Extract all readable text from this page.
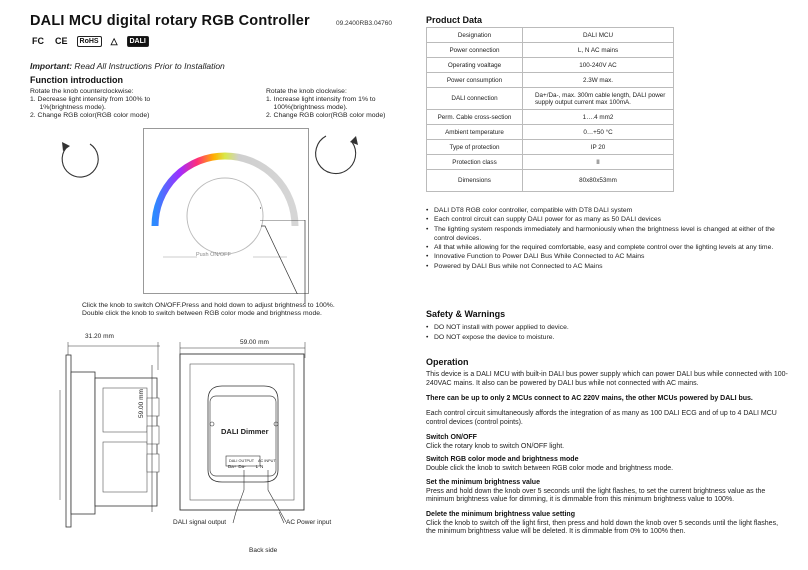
DALI MCU digital rotary RGB Controller	09.2400RB3.04760
FC CE	RoHS	△	DALI
Important: Read All Instructions Prior to Installation
Function introduction
Rotate the knob counterclockwise:
1. Decrease light intensity from 100% to
1%(brightness mode).
2. Change RGB color(RGB color mode)
Rotate the knob clockwise:
1. Increase light intensity from 1% to
100%(brightness mode).
2. Change RGB color(RGB color mode)
Push ON/OFF
Click the knob to switch ON/OFF.Press and hold down to adjust brightness to 100%.
Double click the knob to switch between RGB color mode and brightness mode.
31.20 mm
59.00 mm
59.00 mm
DALI Dimmer
DALI OUTPUT AC INPUT
Da+ Da- L N
DALI signal output	AC Power input
Back side
Product Data
Designation	DALI MCU
Power connection	L, N AC mains
Operating voaltage	100-240V AC
Power consumption	2.3W max.
DALI connection	Da+/Da-, max. 300m cable length, DALI power supply output current max 100mA.
Perm. Cable cross-section	1….4 mm2
Ambient temperature	0…+50 °C
Type of protection	IP 20
Protection class	II
Dimensions	80x80x53mm
• DALI DT8 RGB color controller, compatible with DT8 DALI system
• Each control circuit can supply DALI power for as many as 50 DALI devices
• The lighting system responds immediately and harmoniously when the brightness level is changed at either of the control devices.
• All that while allowing for the required comfortable, easy and complete control over the lighting levels at any time.
• Innovative Function to Power DALI Bus While Connected to AC Mains
• Powered by DALI Bus while not Connected to AC Mains
Safety & Warnings
• DO NOT install with power applied to device.
• DO NOT expose the device to moisture.
Operation
This device is a DALI MCU with built-in DALI bus power supply which can power DALI bus while connected with 100-240VAC mains. It also can be powered by DALI bus while not connected with AC mains.
There can be up to only 2 MCUs connect to AC 220V mains, the other MCUs powered by DALI bus.
Each control circuit simultaneously affords the integration of as many as 100 DALI ECG and of up to 4 DALI MCU control devices (control points).
Switch ON/OFF
Click the rotary knob to switch ON/OFF light.
Switch RGB color mode and brightness mode
Double click the knob to switch between RGB color mode and brightness mode.
Set the minimum brightness value
Press and hold down the knob over 5 seconds until the light flashes, to set the current brightness value as the minimum brightness value for dimming, it is dimmable from this minimum brightness value to 100%.
Delete the minimum brightness value setting
Click the knob to switch off the light first, then press and hold down the knob over 5 seconds until the light flashes, the minimum brightness value will be deleted. It is dimmable from 0% to 100% then.
